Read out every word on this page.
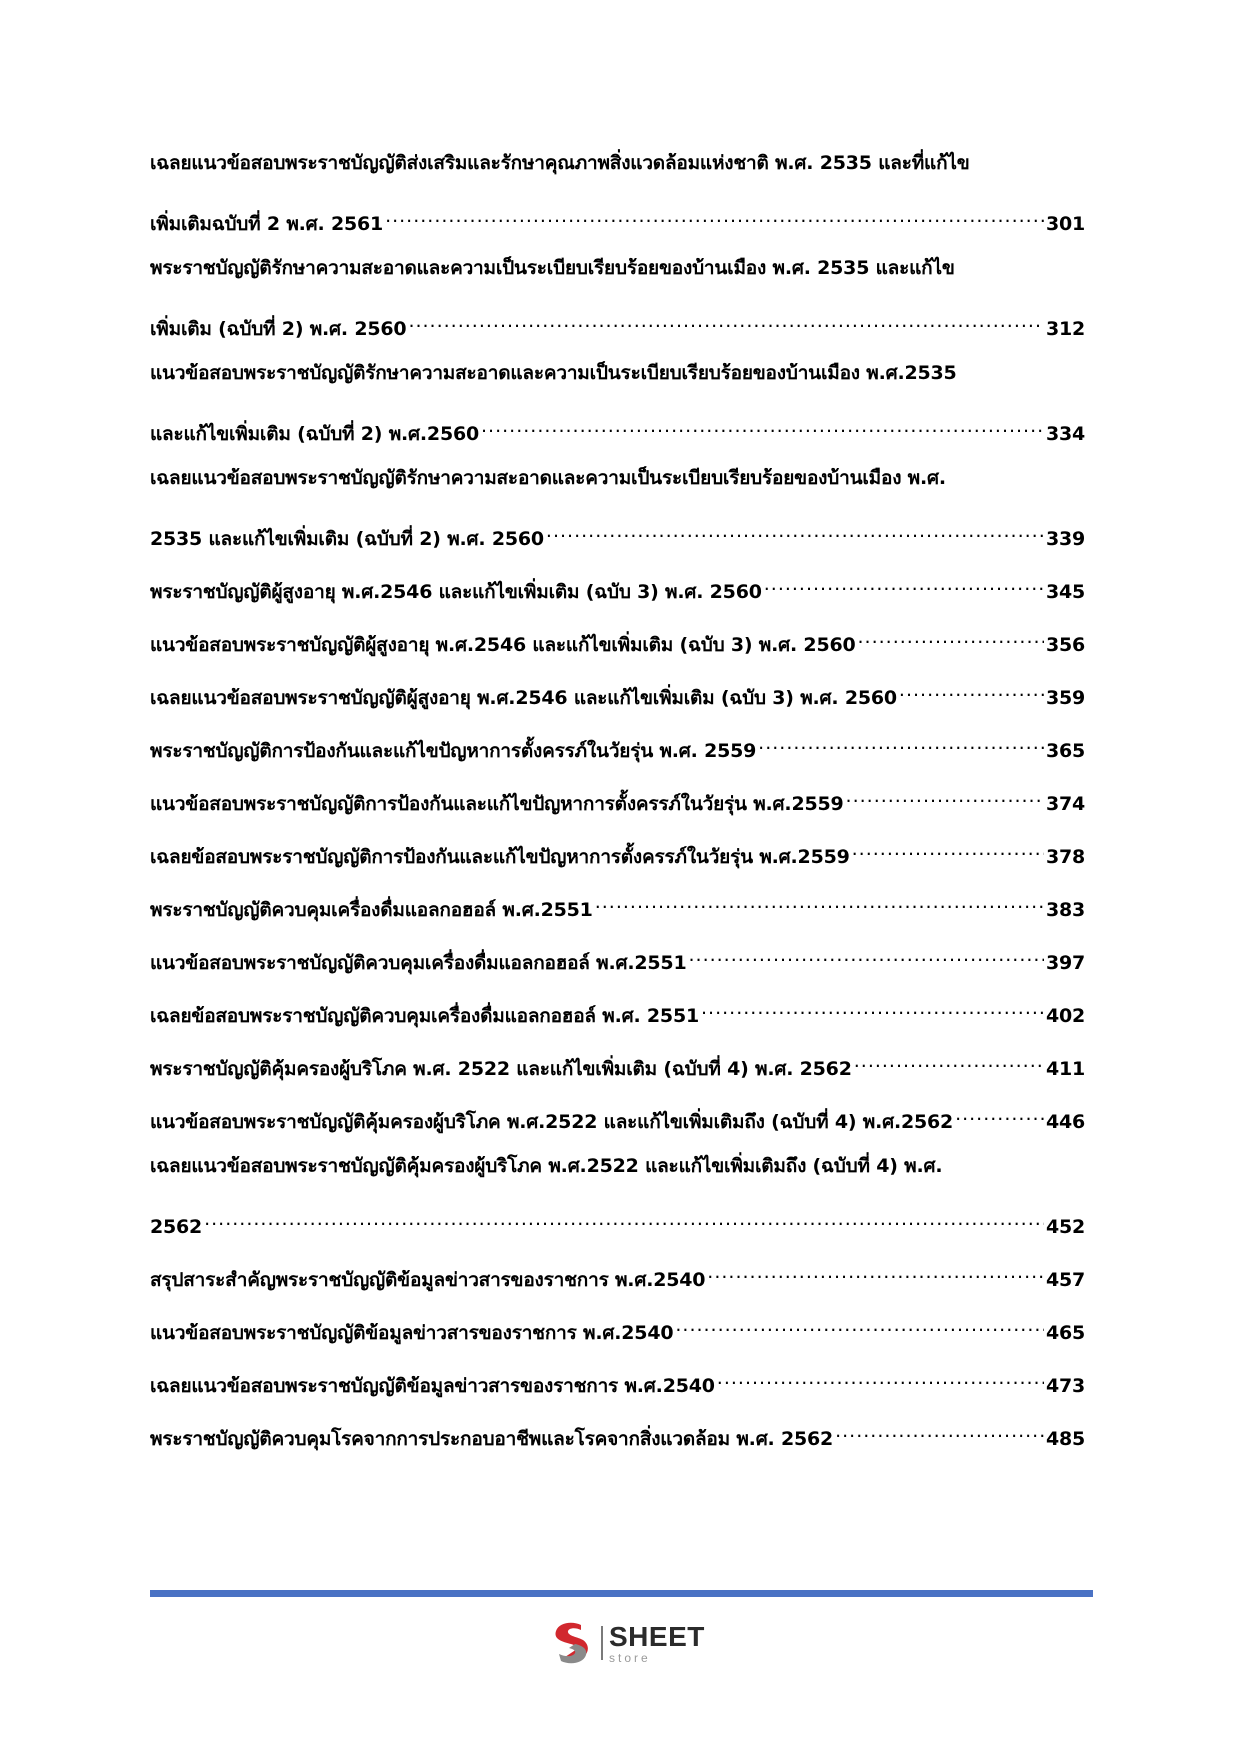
เฉลยแนวข้อสอบพระราชบัญญัติส่งเสริมและรักษาคุณภาพสิ่งแวดล้อมแห่งชาติ พ.ศ. 2535 และที่แก้ไข
เพิ่มเติมฉบับที่ 2 พ.ศ. 2561 .....	301
พระราชบัญญัติรักษาความสะอาดและความเป็นระเบียบเรียบร้อยของบ้านเมือง พ.ศ. 2535 และแก้ไข
เพิ่มเติม (ฉบับที่ 2) พ.ศ. 2560 .....	312
แนวข้อสอบพระราชบัญญัติรักษาความสะอาดและความเป็นระเบียบเรียบร้อยของบ้านเมือง พ.ศ.2535
และแก้ไขเพิ่มเติม (ฉบับที่ 2) พ.ศ.2560 .....	334
เฉลยแนวข้อสอบพระราชบัญญัติรักษาความสะอาดและความเป็นระเบียบเรียบร้อยของบ้านเมือง พ.ศ.
2535 และแก้ไขเพิ่มเติม (ฉบับที่ 2) พ.ศ. 2560 .....	339
พระราชบัญญัติผู้สูงอายุ พ.ศ.2546 และแก้ไขเพิ่มเติม (ฉบับ 3) พ.ศ. 2560 .....	345
แนวข้อสอบพระราชบัญญัติผู้สูงอายุ พ.ศ.2546 และแก้ไขเพิ่มเติม (ฉบับ 3) พ.ศ. 2560 .....	356
เฉลยแนวข้อสอบพระราชบัญญัติผู้สูงอายุ พ.ศ.2546 และแก้ไขเพิ่มเติม (ฉบับ 3) พ.ศ. 2560 .....	359
พระราชบัญญัติการป้องกันและแก้ไขปัญหาการตั้งครรภ์ในวัยรุ่น พ.ศ. 2559 .....	365
แนวข้อสอบพระราชบัญญัติการป้องกันและแก้ไขปัญหาการตั้งครรภ์ในวัยรุ่น พ.ศ.2559 .....	374
เฉลยข้อสอบพระราชบัญญัติการป้องกันและแก้ไขปัญหาการตั้งครรภ์ในวัยรุ่น พ.ศ.2559 .....	378
พระราชบัญญัติควบคุมเครื่องดื่มแอลกอฮอล์ พ.ศ.2551 .....	383
แนวข้อสอบพระราชบัญญัติควบคุมเครื่องดื่มแอลกอฮอล์ พ.ศ.2551 .....	397
เฉลยข้อสอบพระราชบัญญัติควบคุมเครื่องดื่มแอลกอฮอล์ พ.ศ. 2551 .....	402
พระราชบัญญัติคุ้มครองผู้บริโภค พ.ศ. 2522 และแก้ไขเพิ่มเติม (ฉบับที่ 4) พ.ศ. 2562 .....	411
แนวข้อสอบพระราชบัญญัติคุ้มครองผู้บริโภค พ.ศ.2522 และแก้ไขเพิ่มเติมถึง (ฉบับที่ 4) พ.ศ.2562 .....	446
เฉลยแนวข้อสอบพระราชบัญญัติคุ้มครองผู้บริโภค พ.ศ.2522 และแก้ไขเพิ่มเติมถึง (ฉบับที่ 4) พ.ศ.
2562 .....	452
สรุปสาระสำคัญพระราชบัญญัติข้อมูลข่าวสารของราชการ พ.ศ.2540 .....	457
แนวข้อสอบพระราชบัญญัติข้อมูลข่าวสารของราชการ พ.ศ.2540 .....	465
เฉลยแนวข้อสอบพระราชบัญญัติข้อมูลข่าวสารของราชการ พ.ศ.2540 .....	473
พระราชบัญญัติควบคุมโรคจากการประกอบอาชีพและโรคจากสิ่งแวดล้อม พ.ศ. 2562 .....	485
SHEET
store
